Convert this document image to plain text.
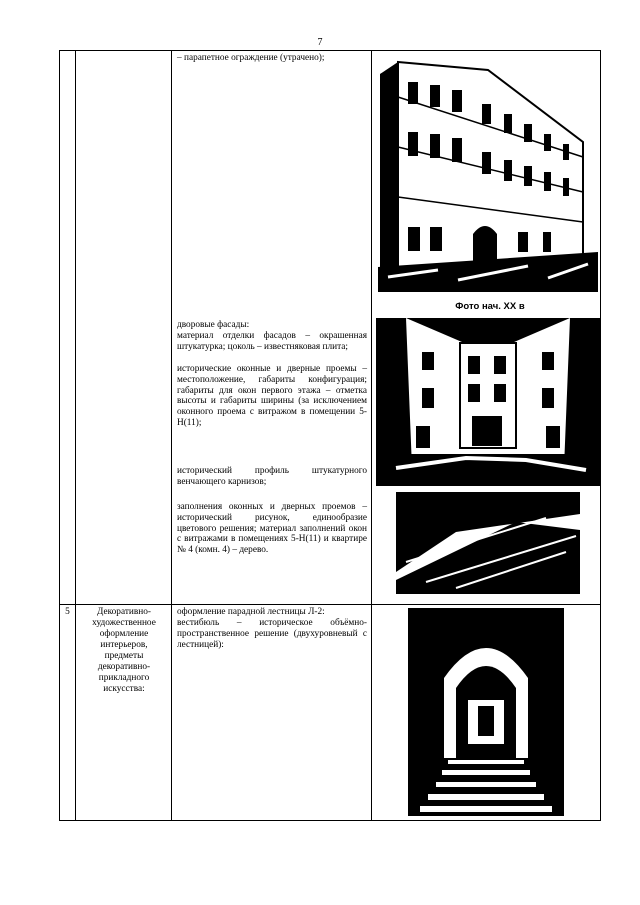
7
– парапетное ограждение (утрачено);
дворовые фасады:
материал отделки фасадов – окрашенная штукатурка; цоколь – известняковая плита;
исторические оконные и дверные проемы – местоположение, габариты конфигурация; габариты для окон первого этажа – отметка высоты и габариты ширины (за исключением оконного проема с витражом в помещении 5-Н(11);
исторический профиль штукатурного венчающего карнизов;
заполнения оконных и дверных проемов – исторический рисунок, единообразие цветового решения; материал заполнений окон с витражами в помещениях 5-Н(11) и квартире № 4 (комн. 4) – дерево.
Фото нач. XX в
5	Декоративно-художественное оформление интерьеров, предметы декоративно-прикладного искусства:
оформление парадной лестницы Л-2:
вестибюль – историческое объёмно-пространственное решение (двухуровневый с лестницей):
